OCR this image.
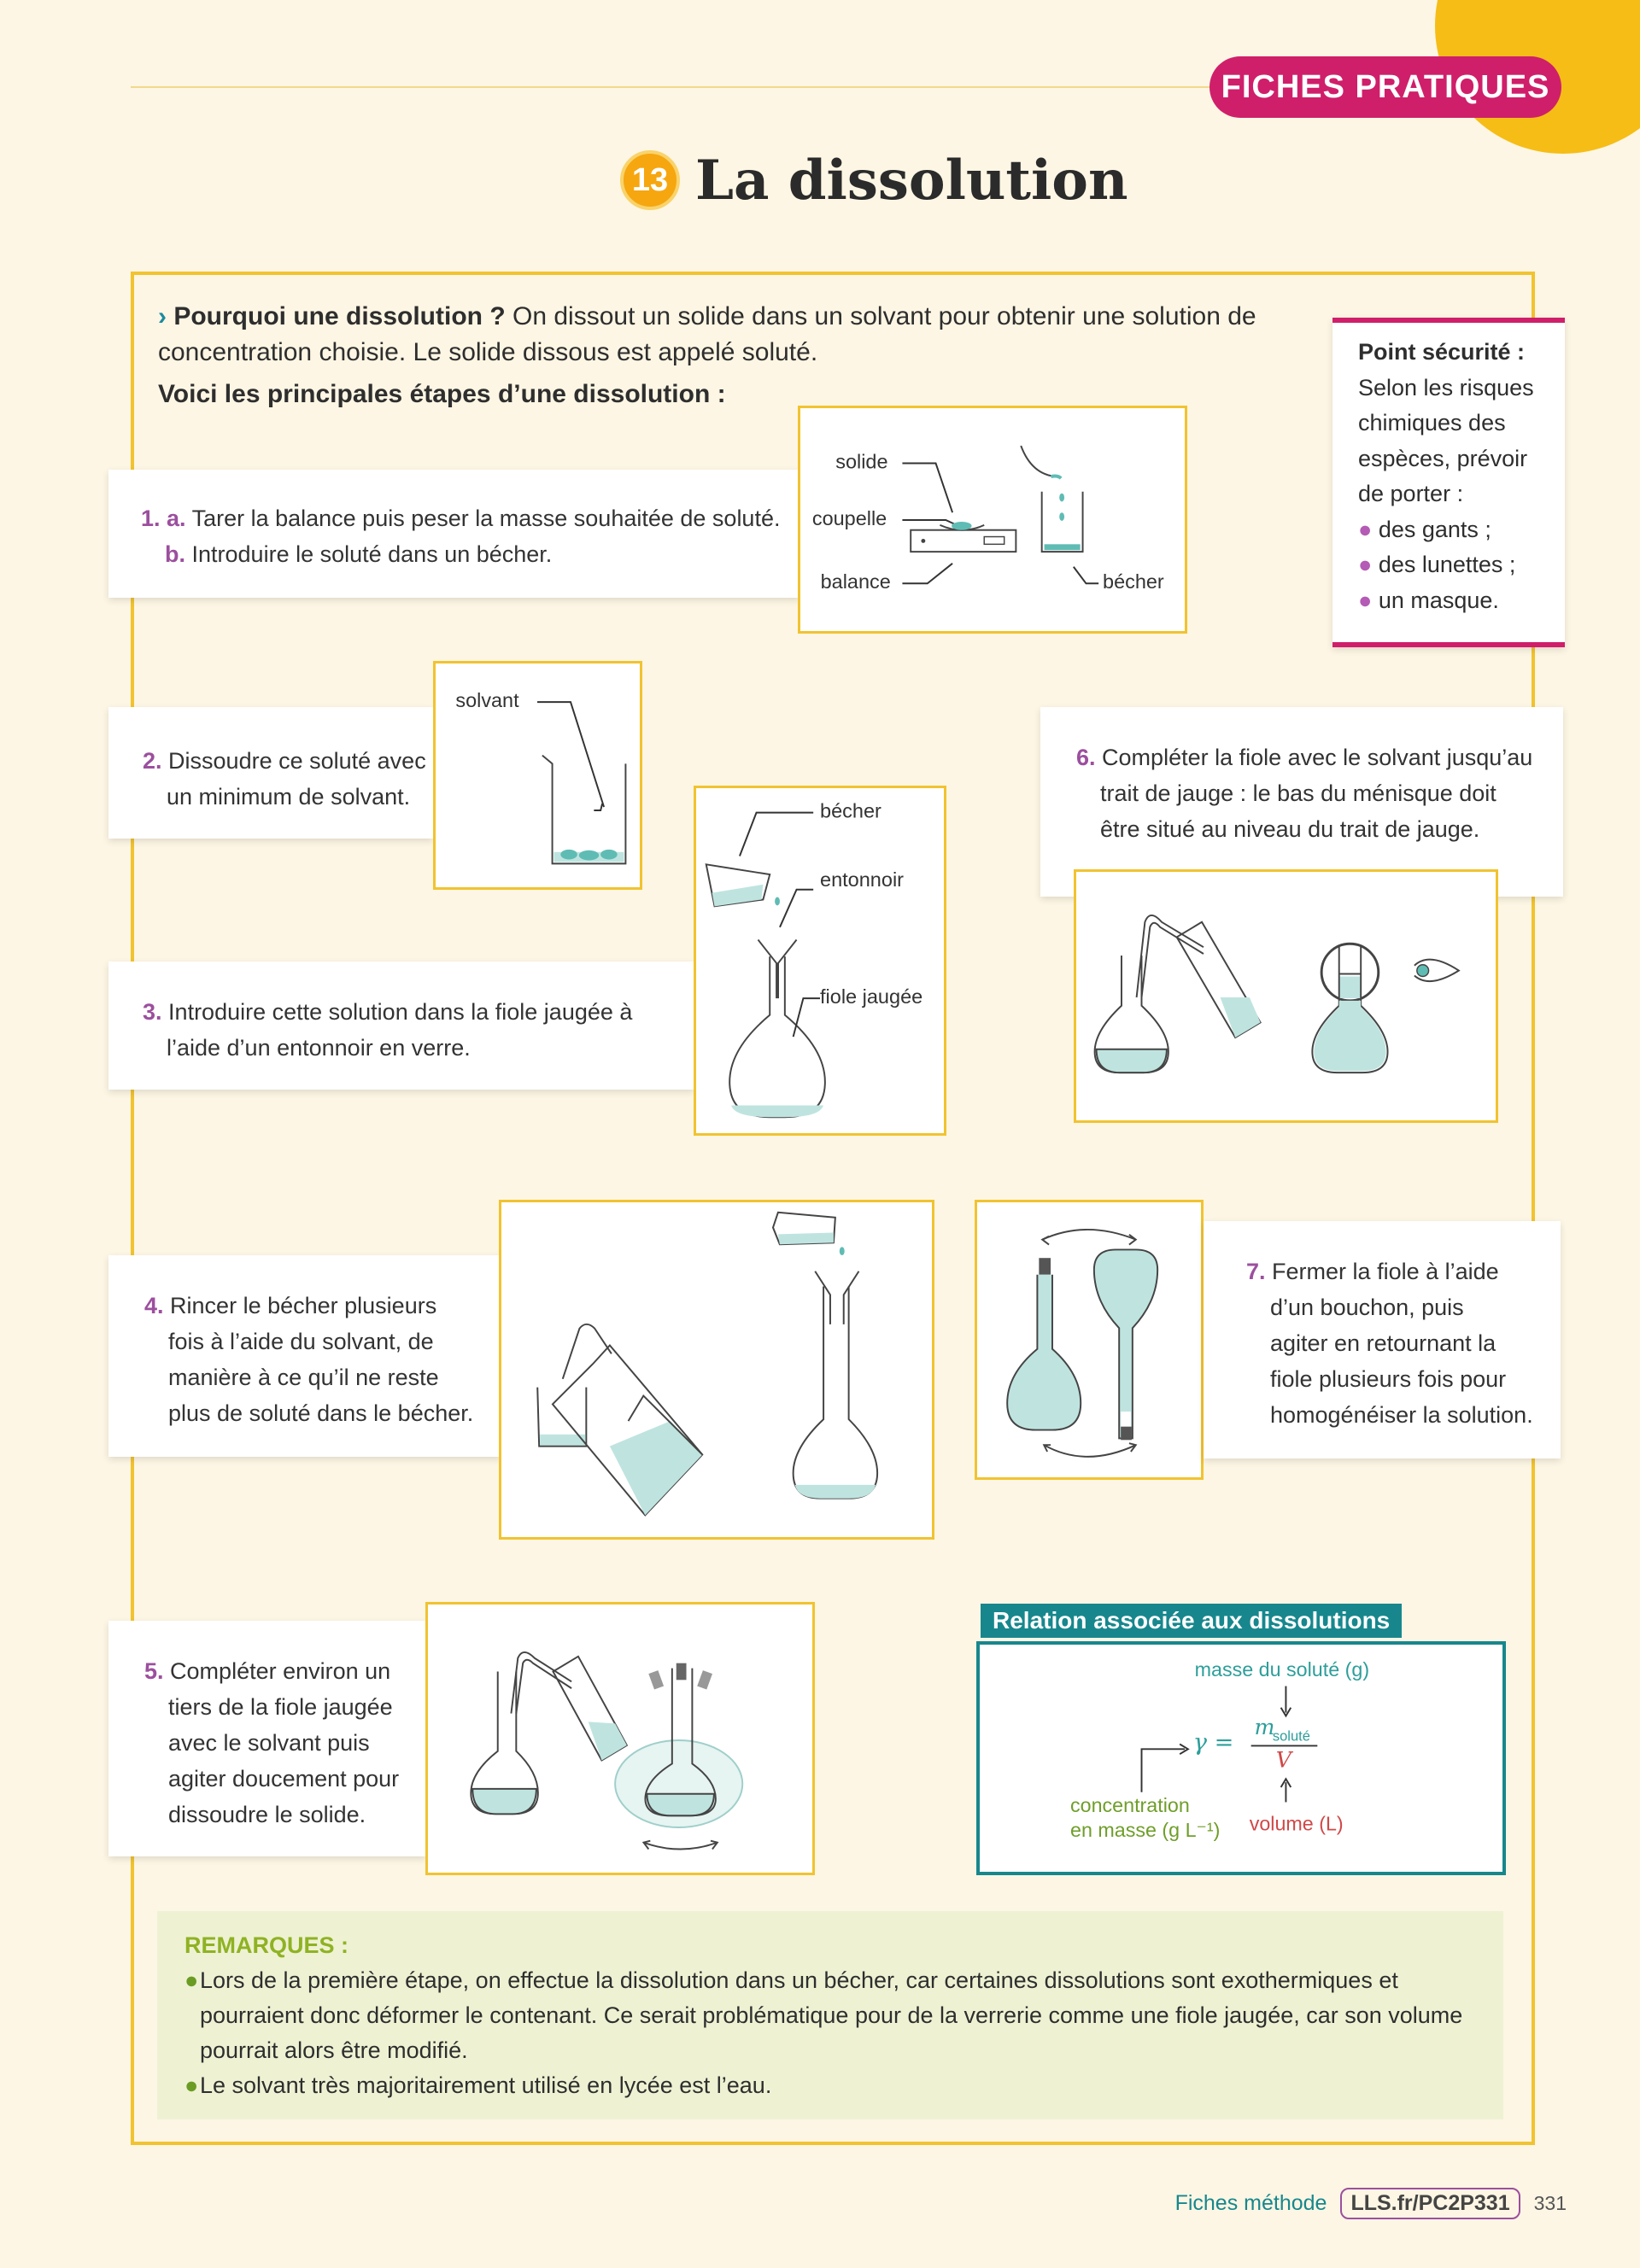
FICHES PRATIQUES
13 La dissolution
› Pourquoi une dissolution ? On dissout un solide dans un solvant pour obtenir une solution de concentration choisie. Le solide dissous est appelé soluté.
Voici les principales étapes d’une dissolution :
Point sécurité :
Selon les risques
chimiques des
espèces, prévoir
de porter :
● des gants ;
● des lunettes ;
● un masque.
1. a. Tarer la balance puis peser la masse souhaitée de soluté.
b. Introduire le soluté dans un bécher.
solide
coupelle
balance	bécher
2. Dissoudre ce soluté avec
un minimum de solvant.
solvant
3. Introduire cette solution dans la fiole jaugée à
l’aide d’un entonnoir en verre.
bécher
entonnoir
fiole jaugée
6. Compléter la fiole avec le solvant jusqu’au
trait de jauge : le bas du ménisque doit
être situé au niveau du trait de jauge.
4. Rincer le bécher plusieurs
fois à l’aide du solvant, de
manière à ce qu’il ne reste
plus de soluté dans le bécher.
7. Fermer la fiole à l’aide
d’un bouchon, puis
agiter en retournant la
fiole plusieurs fois pour
homogénéiser la solution.
5. Compléter environ un
tiers de la fiole jaugée
avec le solvant puis
agiter doucement pour
dissoudre le solide.
Relation associée aux dissolutions
masse du soluté (g)
γ =
m
soluté
V
concentration
en masse (g L⁻¹) volume (L)
REMARQUES :
● Lors de la première étape, on effectue la dissolution dans un bécher, car certaines dissolutions sont exothermiques et pourraient donc déformer le contenant. Ce serait problématique pour de la verrerie comme une fiole jaugée, car son volume pourrait alors être modifié.
● Le solvant très majoritairement utilisé en lycée est l’eau.
Fiches méthode	LLS.fr/PC2P331	331
